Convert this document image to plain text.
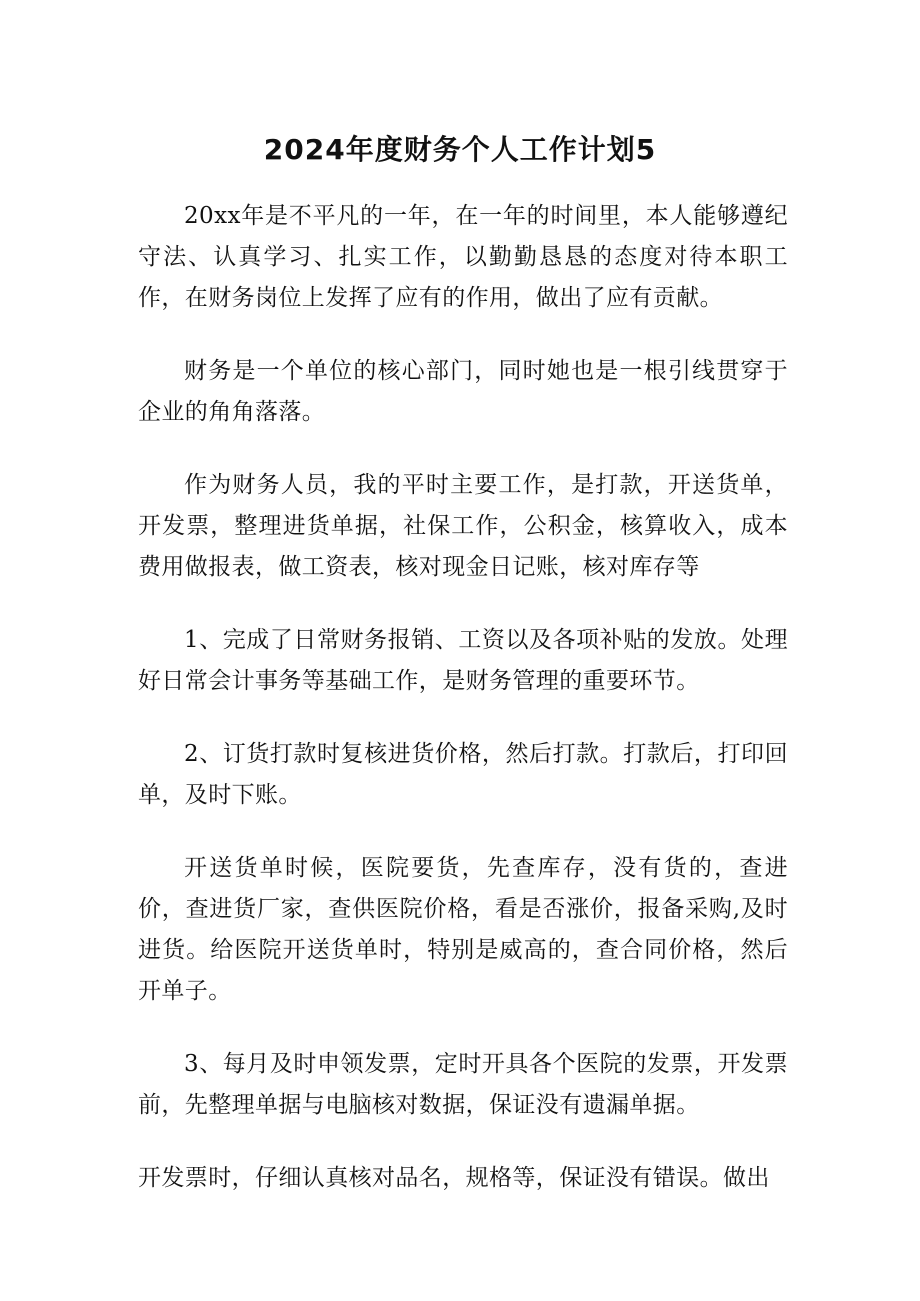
2024年度财务个人工作计划5

20xx年是不平凡的一年，在一年的时间里，本人能够遵纪守法、认真学习、扎实工作，以勤勤恳恳的态度对待本职工作，在财务岗位上发挥了应有的作用，做出了应有贡献。

财务是一个单位的核心部门，同时她也是一根引线贯穿于企业的角角落落。

作为财务人员，我的平时主要工作，是打款，开送货单，开发票，整理进货单据，社保工作，公积金，核算收入，成本费用做报表，做工资表，核对现金日记账，核对库存等

1、完成了日常财务报销、工资以及各项补贴的发放。处理好日常会计事务等基础工作，是财务管理的重要环节。

2、订货打款时复核进货价格，然后打款。打款后，打印回单，及时下账。

开送货单时候，医院要货，先查库存，没有货的，查进价，查进货厂家，查供医院价格，看是否涨价，报备采购,及时进货。给医院开送货单时，特别是威高的，查合同价格，然后开单子。

3、每月及时申领发票，定时开具各个医院的发票，开发票前，先整理单据与电脑核对数据，保证没有遗漏单据。

开发票时，仔细认真核对品名，规格等，保证没有错误。做出
